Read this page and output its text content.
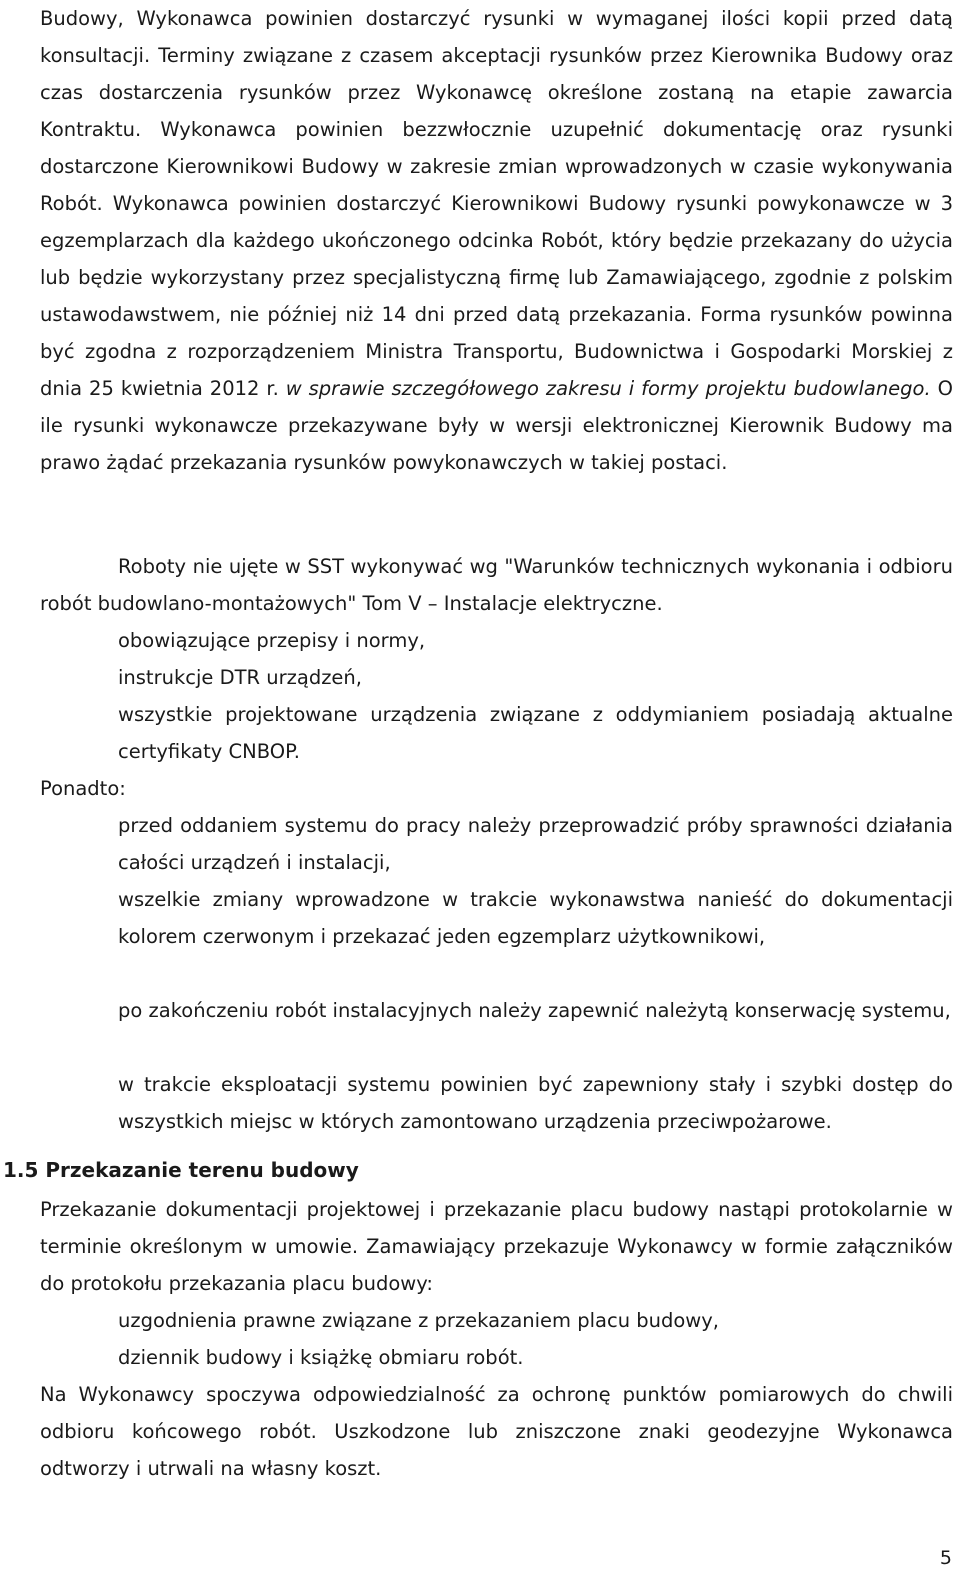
Budowy, Wykonawca powinien dostarczyć rysunki w wymaganej ilości kopii przed datą konsultacji. Terminy związane z czasem akceptacji rysunków przez Kierownika Budowy oraz czas dostarczenia rysunków przez Wykonawcę określone zostaną na etapie zawarcia Kontraktu. Wykonawca powinien bezzwłocznie uzupełnić dokumentację oraz rysunki dostarczone Kierownikowi Budowy w zakresie zmian wprowadzonych w czasie wykonywania Robót. Wykonawca powinien dostarczyć Kierownikowi Budowy rysunki powykonawcze w 3 egzemplarzach dla każdego ukończonego odcinka Robót, który będzie przekazany do użycia lub będzie wykorzystany przez specjalistyczną firmę lub Zamawiającego, zgodnie z polskim ustawodawstwem, nie później niż 14 dni przed datą przekazania. Forma rysunków powinna być zgodna z rozporządzeniem Ministra Transportu, Budownictwa i Gospodarki Morskiej z dnia 25 kwietnia 2012 r. w sprawie szczegółowego zakresu i formy projektu budowlanego. O ile rysunki wykonawcze przekazywane były w wersji elektronicznej Kierownik Budowy ma prawo żądać przekazania rysunków powykonawczych w takiej postaci.

Roboty nie ujęte w SST wykonywać wg "Warunków technicznych wykonania i odbioru robót budowlano-montażowych" Tom V – Instalacje elektryczne.

obowiązujące przepisy i normy,

instrukcje DTR urządzeń,

wszystkie projektowane urządzenia związane z oddymianiem posiadają aktualne certyfikaty CNBOP.

Ponadto:

przed oddaniem systemu do pracy należy przeprowadzić próby sprawności działania całości urządzeń i instalacji,

wszelkie zmiany wprowadzone w trakcie wykonawstwa nanieść do dokumentacji kolorem czerwonym i przekazać jeden egzemplarz użytkownikowi,

po zakończeniu robót instalacyjnych należy zapewnić należytą konserwację systemu,

w trakcie eksploatacji systemu powinien być zapewniony stały i szybki dostęp do wszystkich miejsc w których zamontowano urządzenia przeciwpożarowe.

1.5 Przekazanie terenu budowy

Przekazanie dokumentacji projektowej i przekazanie placu budowy nastąpi protokolarnie w terminie określonym w umowie. Zamawiający przekazuje Wykonawcy w formie załączników do protokołu przekazania placu budowy:

uzgodnienia prawne związane z przekazaniem placu budowy,

dziennik budowy i książkę obmiaru robót.

Na Wykonawcy spoczywa odpowiedzialność za ochronę punktów pomiarowych do chwili odbioru końcowego robót. Uszkodzone lub zniszczone znaki geodezyjne Wykonawca odtworzy i utrwali na własny koszt.

5
